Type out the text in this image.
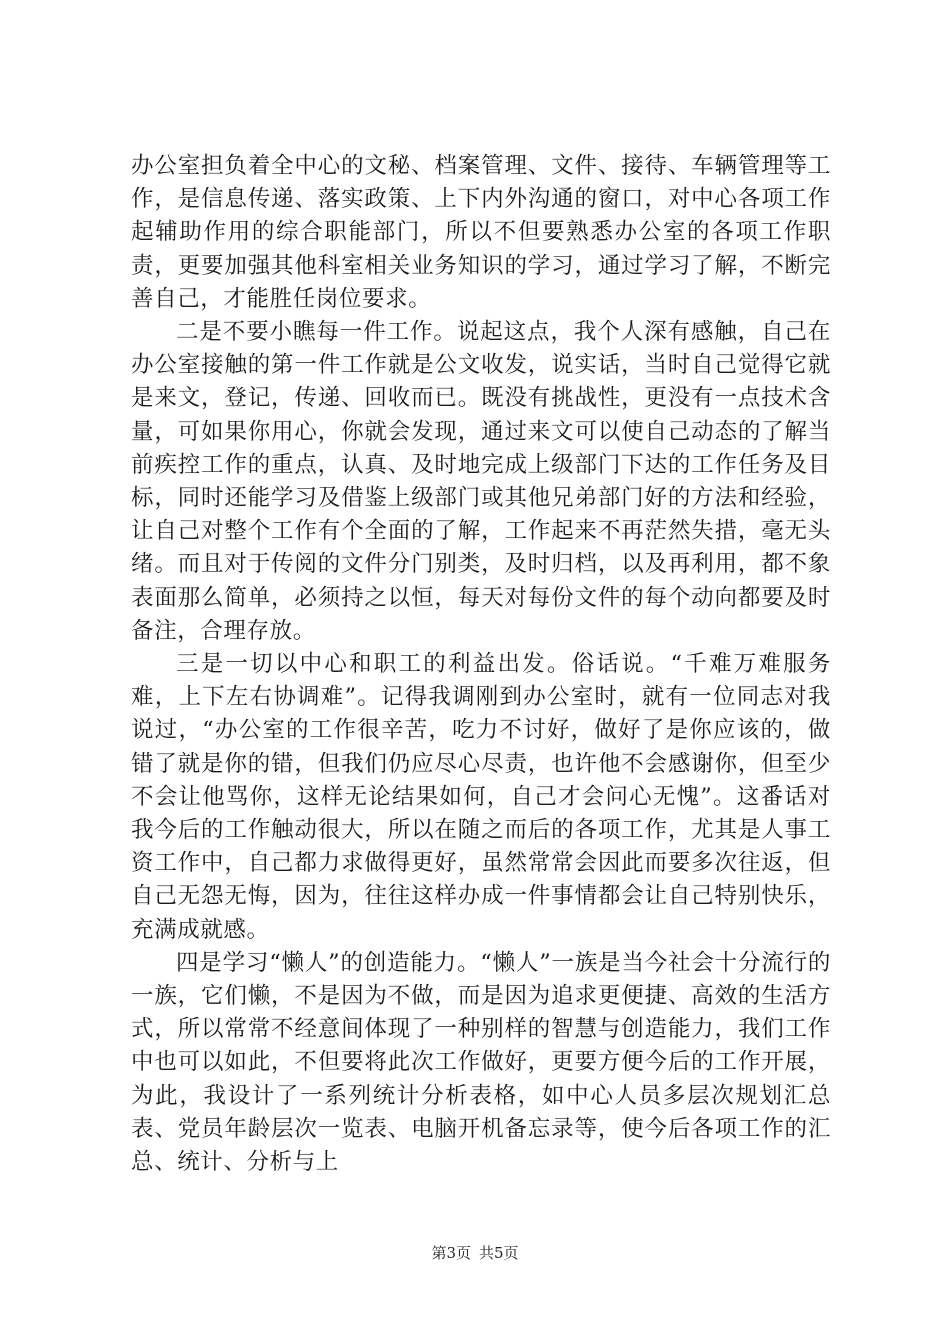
办公室担负着全中心的文秘、档案管理、文件、接待、车辆管理等工作，是信息传递、落实政策、上下内外沟通的窗口，对中心各项工作起辅助作用的综合职能部门，所以不但要熟悉办公室的各项工作职责，更要加强其他科室相关业务知识的学习，通过学习了解，不断完善自己，才能胜任岗位要求。

二是不要小瞧每一件工作。说起这点，我个人深有感触，自己在办公室接触的第一件工作就是公文收发，说实话，当时自己觉得它就是来文，登记，传递、回收而已。既没有挑战性，更没有一点技术含量，可如果你用心，你就会发现，通过来文可以使自己动态的了解当前疾控工作的重点，认真、及时地完成上级部门下达的工作任务及目标，同时还能学习及借鉴上级部门或其他兄弟部门好的方法和经验，让自己对整个工作有个全面的了解，工作起来不再茫然失措，毫无头绪。而且对于传阅的文件分门别类，及时归档，以及再利用，都不象表面那么简单，必须持之以恒，每天对每份文件的每个动向都要及时备注，合理存放。

三是一切以中心和职工的利益出发。俗话说。“千难万难服务难，上下左右协调难”。记得我调刚到办公室时，就有一位同志对我说过，“办公室的工作很辛苦，吃力不讨好，做好了是你应该的，做错了就是你的错，但我们仍应尽心尽责，也许他不会感谢你，但至少不会让他骂你，这样无论结果如何，自己才会问心无愧”。这番话对我今后的工作触动很大，所以在随之而后的各项工作，尤其是人事工资工作中，自己都力求做得更好，虽然常常会因此而要多次往返，但自己无怨无悔，因为，往往这样办成一件事情都会让自己特别快乐，充满成就感。

四是学习“懒人”的创造能力。“懒人”一族是当今社会十分流行的一族，它们懒，不是因为不做，而是因为追求更便捷、高效的生活方式，所以常常不经意间体现了一种别样的智慧与创造能力，我们工作中也可以如此，不但要将此次工作做好，更要方便今后的工作开展，为此，我设计了一系列统计分析表格，如中心人员多层次规划汇总表、党员年龄层次一览表、电脑开机备忘录等，使今后各项工作的汇总、统计、分析与上

第3页 共5页
